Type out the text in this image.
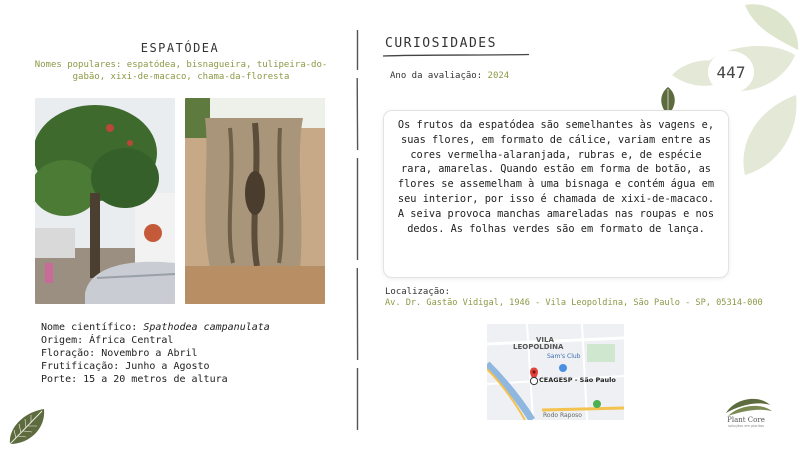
447
ESPATÓDEA
Nomes populares: espatódea, bisnagueira, tulipeira-do-gabão, xixi-de-macaco, chama-da-floresta
Nome científico: Spathodea campanulata
Origem: África Central
Floração: Novembro a Abril
Frutificação: Junho a Agosto
Porte: 15 a 20 metros de altura
CURIOSIDADES
Ano da avaliação: 2024
Os frutos da espatódea são semelhantes às vagens e, suas flores, em formato de cálice, variam entre as cores vermelha-alaranjada, rubras e, de espécie rara, amarelas. Quando estão em forma de botão, as flores se assemelham à uma bisnaga e contém água em seu interior, por isso é chamada de xixi-de-macaco. A seiva provoca manchas amareladas nas roupas e nos dedos. As folhas verdes são em formato de lança.
Localização:
Av. Dr. Gastão Vidigal, 1946 - Vila Leopoldina, São Paulo - SP, 05314-000
VILA
LEOPOLDINA
Sam's Club
CEAGESP - São Paulo
Rodo Raposo
Plant Core
soluções em plantas
